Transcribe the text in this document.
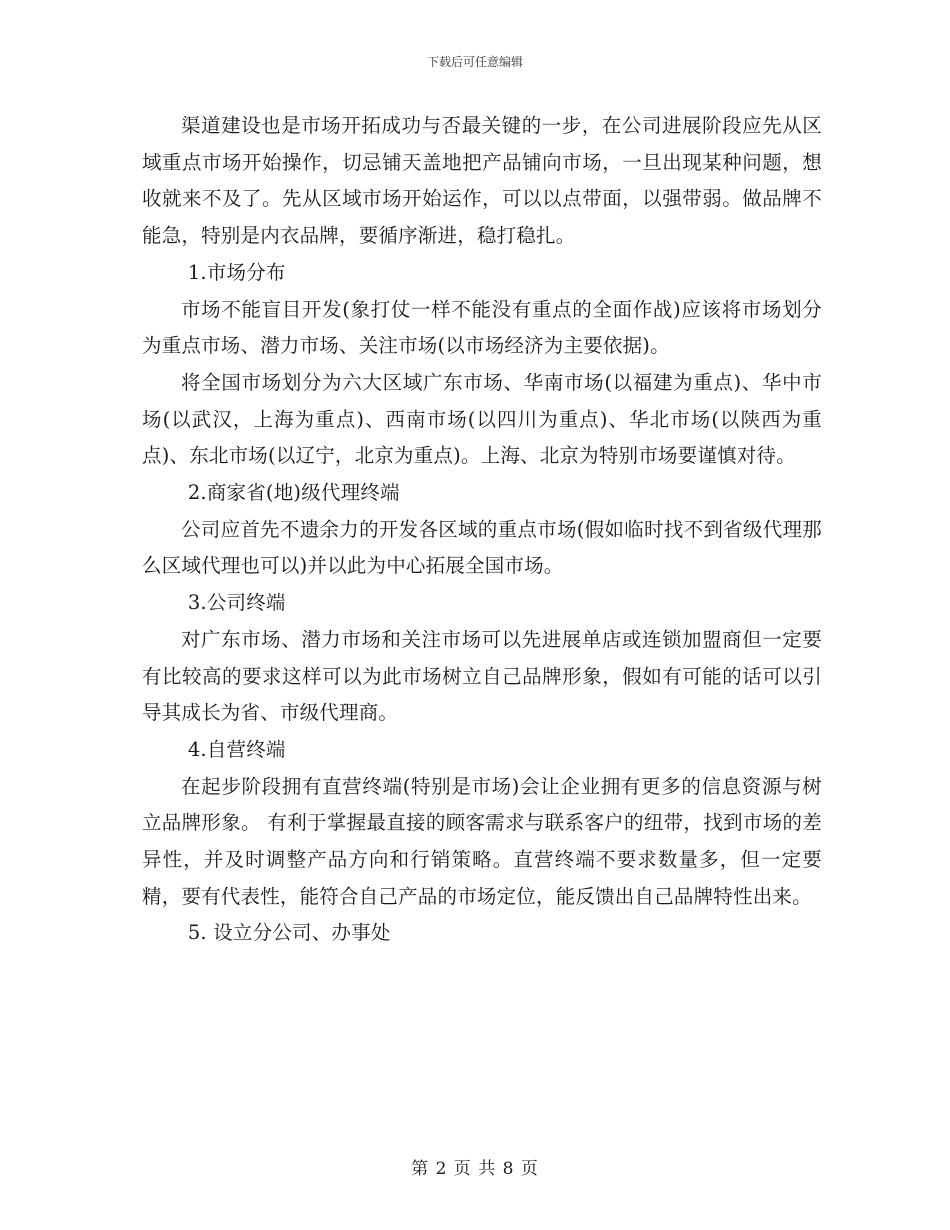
下载后可任意编辑

渠道建设也是市场开拓成功与否最关键的一步，在公司进展阶段应先从区域重点市场开始操作，切忌铺天盖地把产品铺向市场，一旦出现某种问题，想收就来不及了。先从区域市场开始运作，可以以点带面，以强带弱。做品牌不能急，特别是内衣品牌，要循序渐进，稳打稳扎。

1.市场分布

市场不能盲目开发(象打仗一样不能没有重点的全面作战)应该将市场划分为重点市场、潜力市场、关注市场(以市场经济为主要依据)。

将全国市场划分为六大区域广东市场、华南市场(以福建为重点)、华中市场(以武汉，上海为重点)、西南市场(以四川为重点)、华北市场(以陕西为重点)、东北市场(以辽宁，北京为重点)。上海、北京为特别市场要谨慎对待。

2.商家省(地)级代理终端

公司应首先不遗余力的开发各区域的重点市场(假如临时找不到省级代理那么区域代理也可以)并以此为中心拓展全国市场。

3.公司终端

对广东市场、潜力市场和关注市场可以先进展单店或连锁加盟商但一定要有比较高的要求这样可以为此市场树立自己品牌形象，假如有可能的话可以引导其成长为省、市级代理商。

4.自营终端

在起步阶段拥有直营终端(特别是市场)会让企业拥有更多的信息资源与树立品牌形象。 有利于掌握最直接的顾客需求与联系客户的纽带，找到市场的差异性，并及时调整产品方向和行销策略。直营终端不要求数量多，但一定要精，要有代表性，能符合自己产品的市场定位，能反馈出自己品牌特性出来。

5. 设立分公司、办事处

第 2 页 共 8 页
